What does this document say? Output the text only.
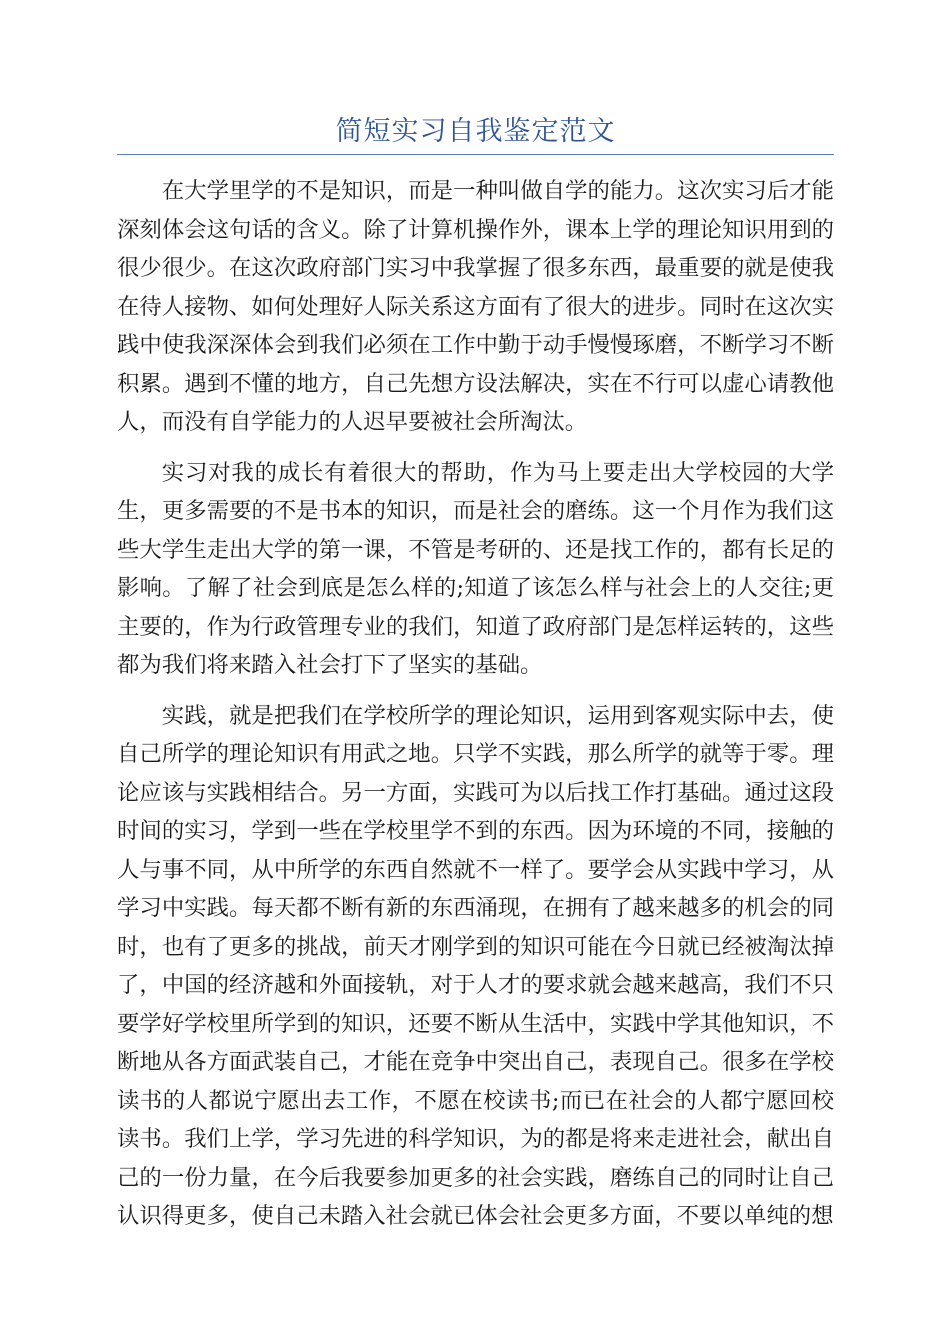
简短实习自我鉴定范文

在大学里学的不是知识，而是一种叫做自学的能力。这次实习后才能深刻体会这句话的含义。除了计算机操作外，课本上学的理论知识用到的很少很少。在这次政府部门实习中我掌握了很多东西，最重要的就是使我在待人接物、如何处理好人际关系这方面有了很大的进步。同时在这次实践中使我深深体会到我们必须在工作中勤于动手慢慢琢磨，不断学习不断积累。遇到不懂的地方，自己先想方设法解决，实在不行可以虚心请教他人，而没有自学能力的人迟早要被社会所淘汰。

实习对我的成长有着很大的帮助，作为马上要走出大学校园的大学生，更多需要的不是书本的知识，而是社会的磨练。这一个月作为我们这些大学生走出大学的第一课，不管是考研的、还是找工作的，都有长足的影响。了解了社会到底是怎么样的;知道了该怎么样与社会上的人交往;更主要的，作为行政管理专业的我们，知道了政府部门是怎样运转的，这些都为我们将来踏入社会打下了坚实的基础。

实践，就是把我们在学校所学的理论知识，运用到客观实际中去，使自己所学的理论知识有用武之地。只学不实践，那么所学的就等于零。理论应该与实践相结合。另一方面，实践可为以后找工作打基础。通过这段时间的实习，学到一些在学校里学不到的东西。因为环境的不同，接触的人与事不同，从中所学的东西自然就不一样了。要学会从实践中学习，从学习中实践。每天都不断有新的东西涌现，在拥有了越来越多的机会的同时，也有了更多的挑战，前天才刚学到的知识可能在今日就已经被淘汰掉了，中国的经济越和外面接轨，对于人才的要求就会越来越高，我们不只要学好学校里所学到的知识，还要不断从生活中，实践中学其他知识，不断地从各方面武装自己，才能在竞争中突出自己，表现自己。很多在学校读书的人都说宁愿出去工作，不愿在校读书;而已在社会的人都宁愿回校读书。我们上学，学习先进的科学知识，为的都是将来走进社会，献出自己的一份力量，在今后我要参加更多的社会实践，磨练自己的同时让自己认识得更多，使自己未踏入社会就已体会社会更多方面，不要以单纯的想
